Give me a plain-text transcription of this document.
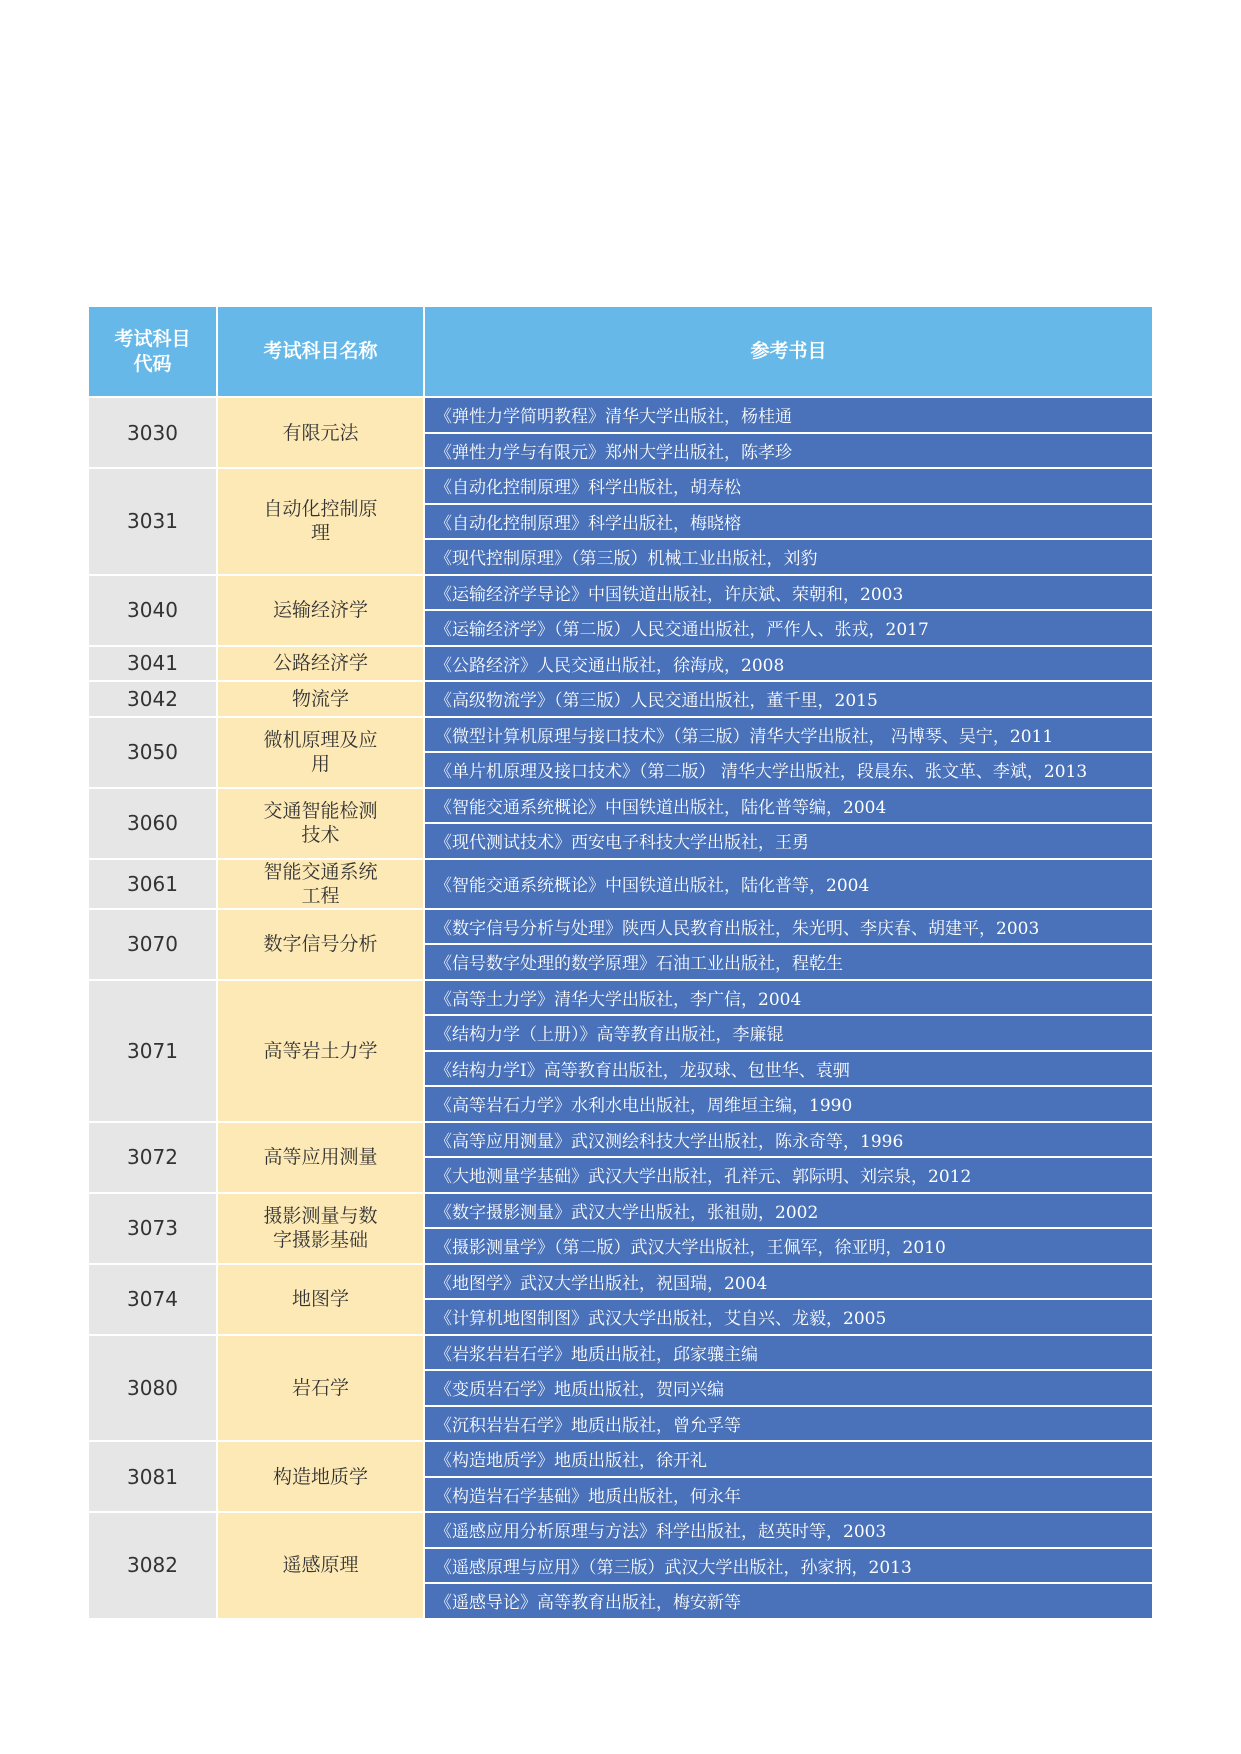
考试科目代码	考试科目名称	参考书目
3030	有限元法	《弹性力学简明教程》清华大学出版社，杨桂通
		《弹性力学与有限元》郑州大学出版社，陈孝珍
3031	自动化控制原理	《自动化控制原理》科学出版社，胡寿松
		《自动化控制原理》科学出版社，梅晓榕
		《现代控制原理》（第三版）机械工业出版社，刘豹
3040	运输经济学	《运输经济学导论》中国铁道出版社，许庆斌、荣朝和，2003
		《运输经济学》（第二版）人民交通出版社，严作人、张戎，2017
3041	公路经济学	《公路经济》人民交通出版社，徐海成，2008
3042	物流学	《高级物流学》（第三版）人民交通出版社，董千里，2015
3050	微机原理及应用	《微型计算机原理与接口技术》（第三版）清华大学出版社， 冯博琴、吴宁，2011
		《单片机原理及接口技术》（第二版） 清华大学出版社，段晨东、张文革、李斌，2013
3060	交通智能检测技术	《智能交通系统概论》中国铁道出版社，陆化普等编，2004
		《现代测试技术》西安电子科技大学出版社，王勇
3061	智能交通系统工程	《智能交通系统概论》中国铁道出版社，陆化普等，2004
3070	数字信号分析	《数字信号分析与处理》陕西人民教育出版社，朱光明、李庆春、胡建平，2003
		《信号数字处理的数学原理》石油工业出版社，程乾生
3071	高等岩土力学	《高等土力学》清华大学出版社，李广信，2004
		《结构力学（上册）》高等教育出版社，李廉锟
		《结构力学Ⅰ》高等教育出版社，龙驭球、包世华、袁驷
		《高等岩石力学》水利水电出版社，周维垣主编，1990
3072	高等应用测量	《高等应用测量》武汉测绘科技大学出版社，陈永奇等，1996
		《大地测量学基础》武汉大学出版社，孔祥元、郭际明、刘宗泉，2012
3073	摄影测量与数字摄影基础	《数字摄影测量》武汉大学出版社，张祖勋，2002
		《摄影测量学》（第二版）武汉大学出版社，王佩军，徐亚明，2010
3074	地图学	《地图学》武汉大学出版社，祝国瑞，2004
		《计算机地图制图》武汉大学出版社，艾自兴、龙毅，2005
3080	岩石学	《岩浆岩岩石学》地质出版社，邱家骧主编
		《变质岩石学》地质出版社，贺同兴编
		《沉积岩岩石学》地质出版社，曾允孚等
3081	构造地质学	《构造地质学》地质出版社，徐开礼
		《构造岩石学基础》地质出版社，何永年
3082	遥感原理	《遥感应用分析原理与方法》科学出版社，赵英时等，2003
		《遥感原理与应用》（第三版）武汉大学出版社，孙家抦，2013
		《遥感导论》高等教育出版社，梅安新等
